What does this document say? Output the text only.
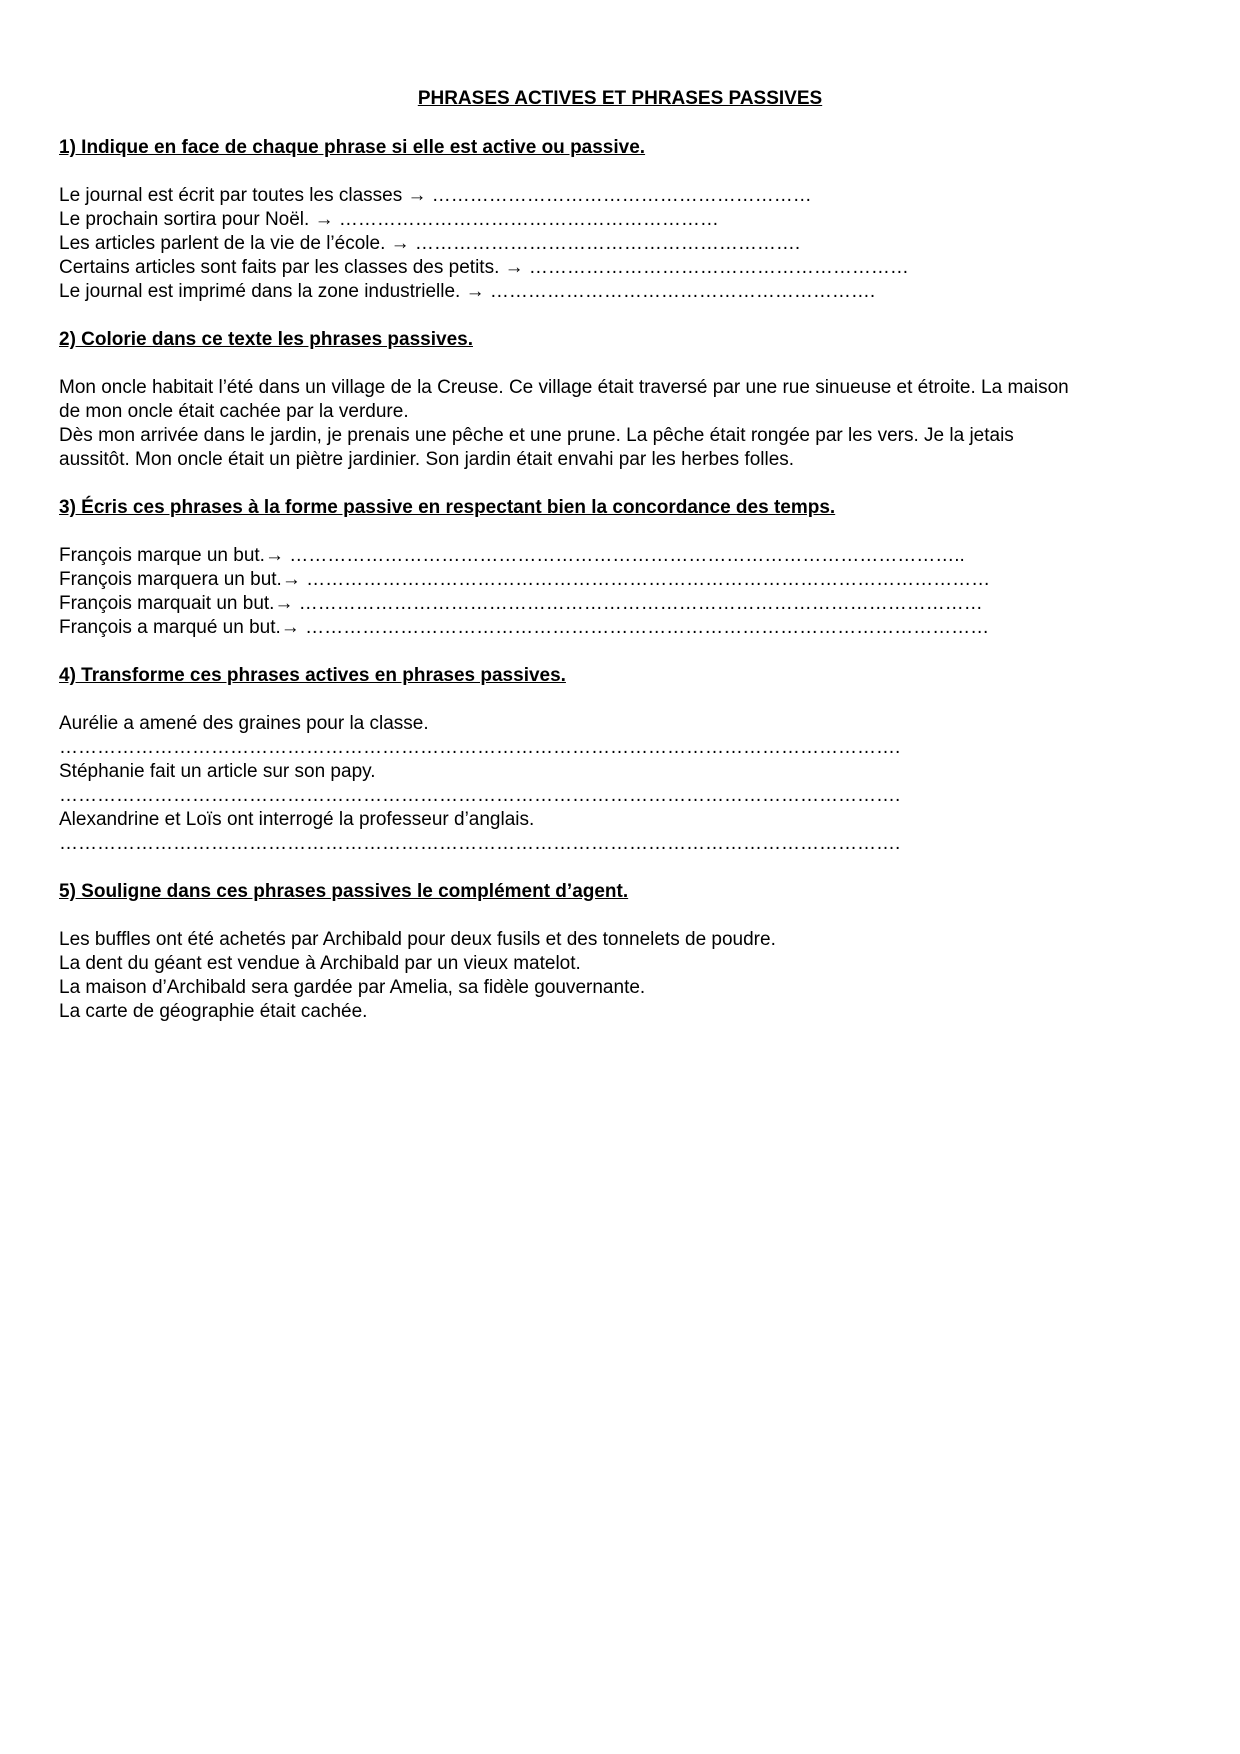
PHRASES ACTIVES ET PHRASES PASSIVES
1) Indique en face de chaque phrase si elle est active ou passive.
Le journal est écrit par toutes les classes → ……………………………………………………
Le prochain sortira pour Noël. → ……………………………………………………
Les articles parlent de la vie de l’école. → …………………………………………………….
Certains articles sont faits par les classes des petits. → ……………………………………………………
Le journal est imprimé dans la zone industrielle. → …………………………………………………….
2) Colorie dans ce texte les phrases passives.
Mon oncle habitait l’été dans un village de la Creuse. Ce village était traversé par une rue sinueuse et étroite. La maison
de mon oncle était cachée par la verdure.
Dès mon arrivée dans le jardin, je prenais une pêche et une prune. La pêche était rongée par les vers. Je la jetais
aussitôt. Mon oncle était un piètre jardinier. Son jardin était envahi par les herbes folles.
3) Écris ces phrases à la forme passive en respectant bien la concordance des temps.
François marque un but.→ ……………………………………………………………………………………………..
François marquera un but.→ ………………………………………………………………………………………………
François marquait un but.→ ………………………………………………………………………………………………
François a marqué un but.→ ………………………………………………………………………………………………
4) Transforme ces phrases actives en phrases passives.
Aurélie a amené des graines pour la classe.
…………………………………………………………………………………………………………………….
Stéphanie fait un article sur son papy.
…………………………………………………………………………………………………………………….
Alexandrine et Loïs ont interrogé la professeur d’anglais.
…………………………………………………………………………………………………………………….
5) Souligne dans ces phrases passives le complément d’agent.
Les buffles ont été achetés par Archibald pour deux fusils et des tonnelets de poudre.
La dent du géant est vendue à Archibald par un vieux matelot.
La maison d’Archibald sera gardée par Amelia, sa fidèle gouvernante.
La carte de géographie était cachée.
